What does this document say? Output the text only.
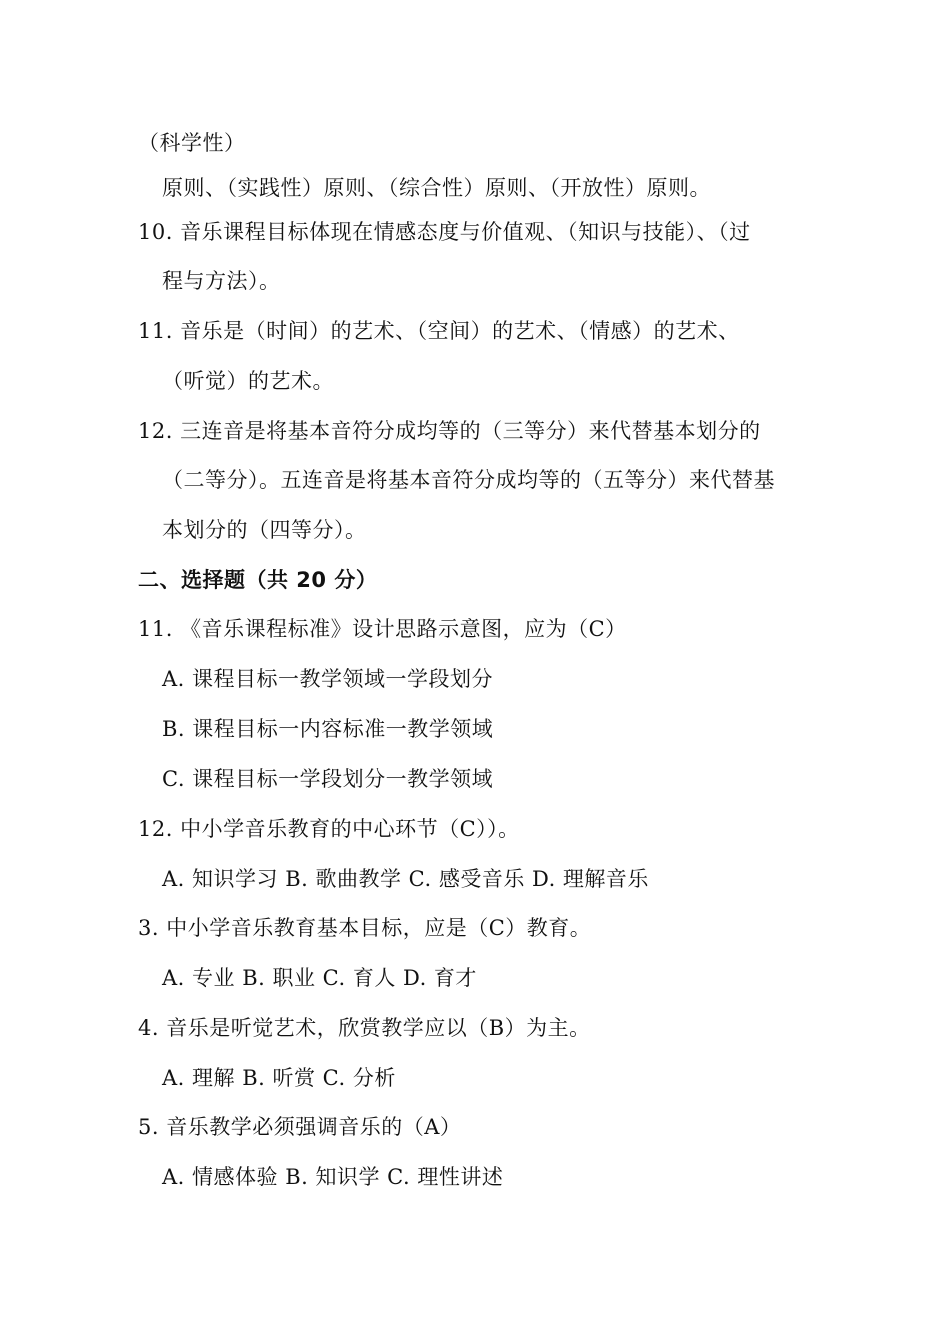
（科学性）
原则、（实践性）原则、（综合性）原则、（开放性）原则。
10. 音乐课程目标体现在情感态度与价值观、（知识与技能）、（过
程与方法）。
11. 音乐是（时间）的艺术、（空间）的艺术、（情感）的艺术、
（听觉）的艺术。
12. 三连音是将基本音符分成均等的（三等分）来代替基本划分的
（二等分）。五连音是将基本音符分成均等的（五等分）来代替基
本划分的（四等分）。
二、选择题（共 20 分）
11. 《音乐课程标准》设计思路示意图，应为（C）
A. 课程目标一教学领域一学段划分
B. 课程目标一内容标准一教学领域
C. 课程目标一学段划分一教学领域
12. 中小学音乐教育的中心环节（C））。
A. 知识学习 B. 歌曲教学 C. 感受音乐 D. 理解音乐
3. 中小学音乐教育基本目标，应是（C）教育。
A. 专业 B. 职业 C. 育人 D. 育才
4. 音乐是听觉艺术，欣赏教学应以（B）为主。
A. 理解 B. 听赏 C. 分析
5. 音乐教学必须强调音乐的（A）
A. 情感体验 B. 知识学 C. 理性讲述
